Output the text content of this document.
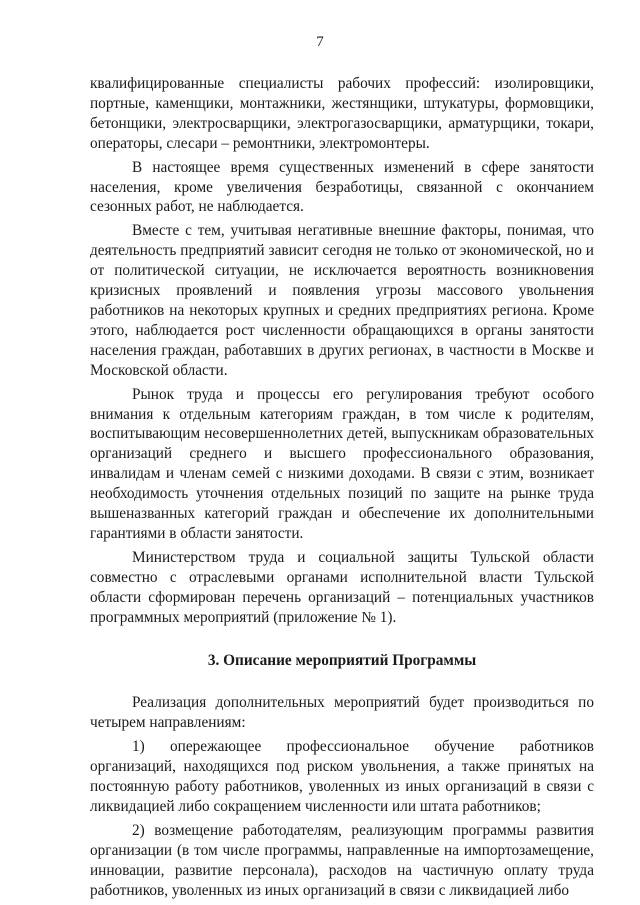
7

квалифицированные специалисты рабочих профессий: изолировщики, портные, каменщики, монтажники, жестянщики, штукатуры, формовщики, бетонщики, электросварщики, электрогазосварщики, арматурщики, токари, операторы, слесари – ремонтники, электромонтеры.

В настоящее время существенных изменений в сфере занятости населения, кроме увеличения безработицы, связанной с окончанием сезонных работ, не наблюдается.

Вместе с тем, учитывая негативные внешние факторы, понимая, что деятельность предприятий зависит сегодня не только от экономической, но и от политической ситуации, не исключается вероятность возникновения кризисных проявлений и появления угрозы массового увольнения работников на некоторых крупных и средних предприятиях региона. Кроме этого, наблюдается рост численности обращающихся в органы занятости населения граждан, работавших в других регионах, в частности в Москве и Московской области.

Рынок труда и процессы его регулирования требуют особого внимания к отдельным категориям граждан, в том числе к родителям, воспитывающим несовершеннолетних детей, выпускникам образовательных организаций среднего и высшего профессионального образования, инвалидам и членам семей с низкими доходами. В связи с этим, возникает необходимость уточнения отдельных позиций по защите на рынке труда вышеназванных категорий граждан и обеспечение их дополнительными гарантиями в области занятости.

Министерством труда и социальной защиты Тульской области совместно с отраслевыми органами исполнительной власти Тульской области сформирован перечень организаций – потенциальных участников программных мероприятий (приложение № 1).

3. Описание мероприятий Программы

Реализация дополнительных мероприятий будет производиться по четырем направлениям:

1) опережающее профессиональное обучение работников организаций, находящихся под риском увольнения, а также принятых на постоянную работу работников, уволенных из иных организаций в связи с ликвидацией либо сокращением численности или штата работников;

2) возмещение работодателям, реализующим программы развития организации (в том числе программы, направленные на импортозамещение, инновации, развитие персонала), расходов на частичную оплату труда работников, уволенных из иных организаций в связи с ликвидацией либо
